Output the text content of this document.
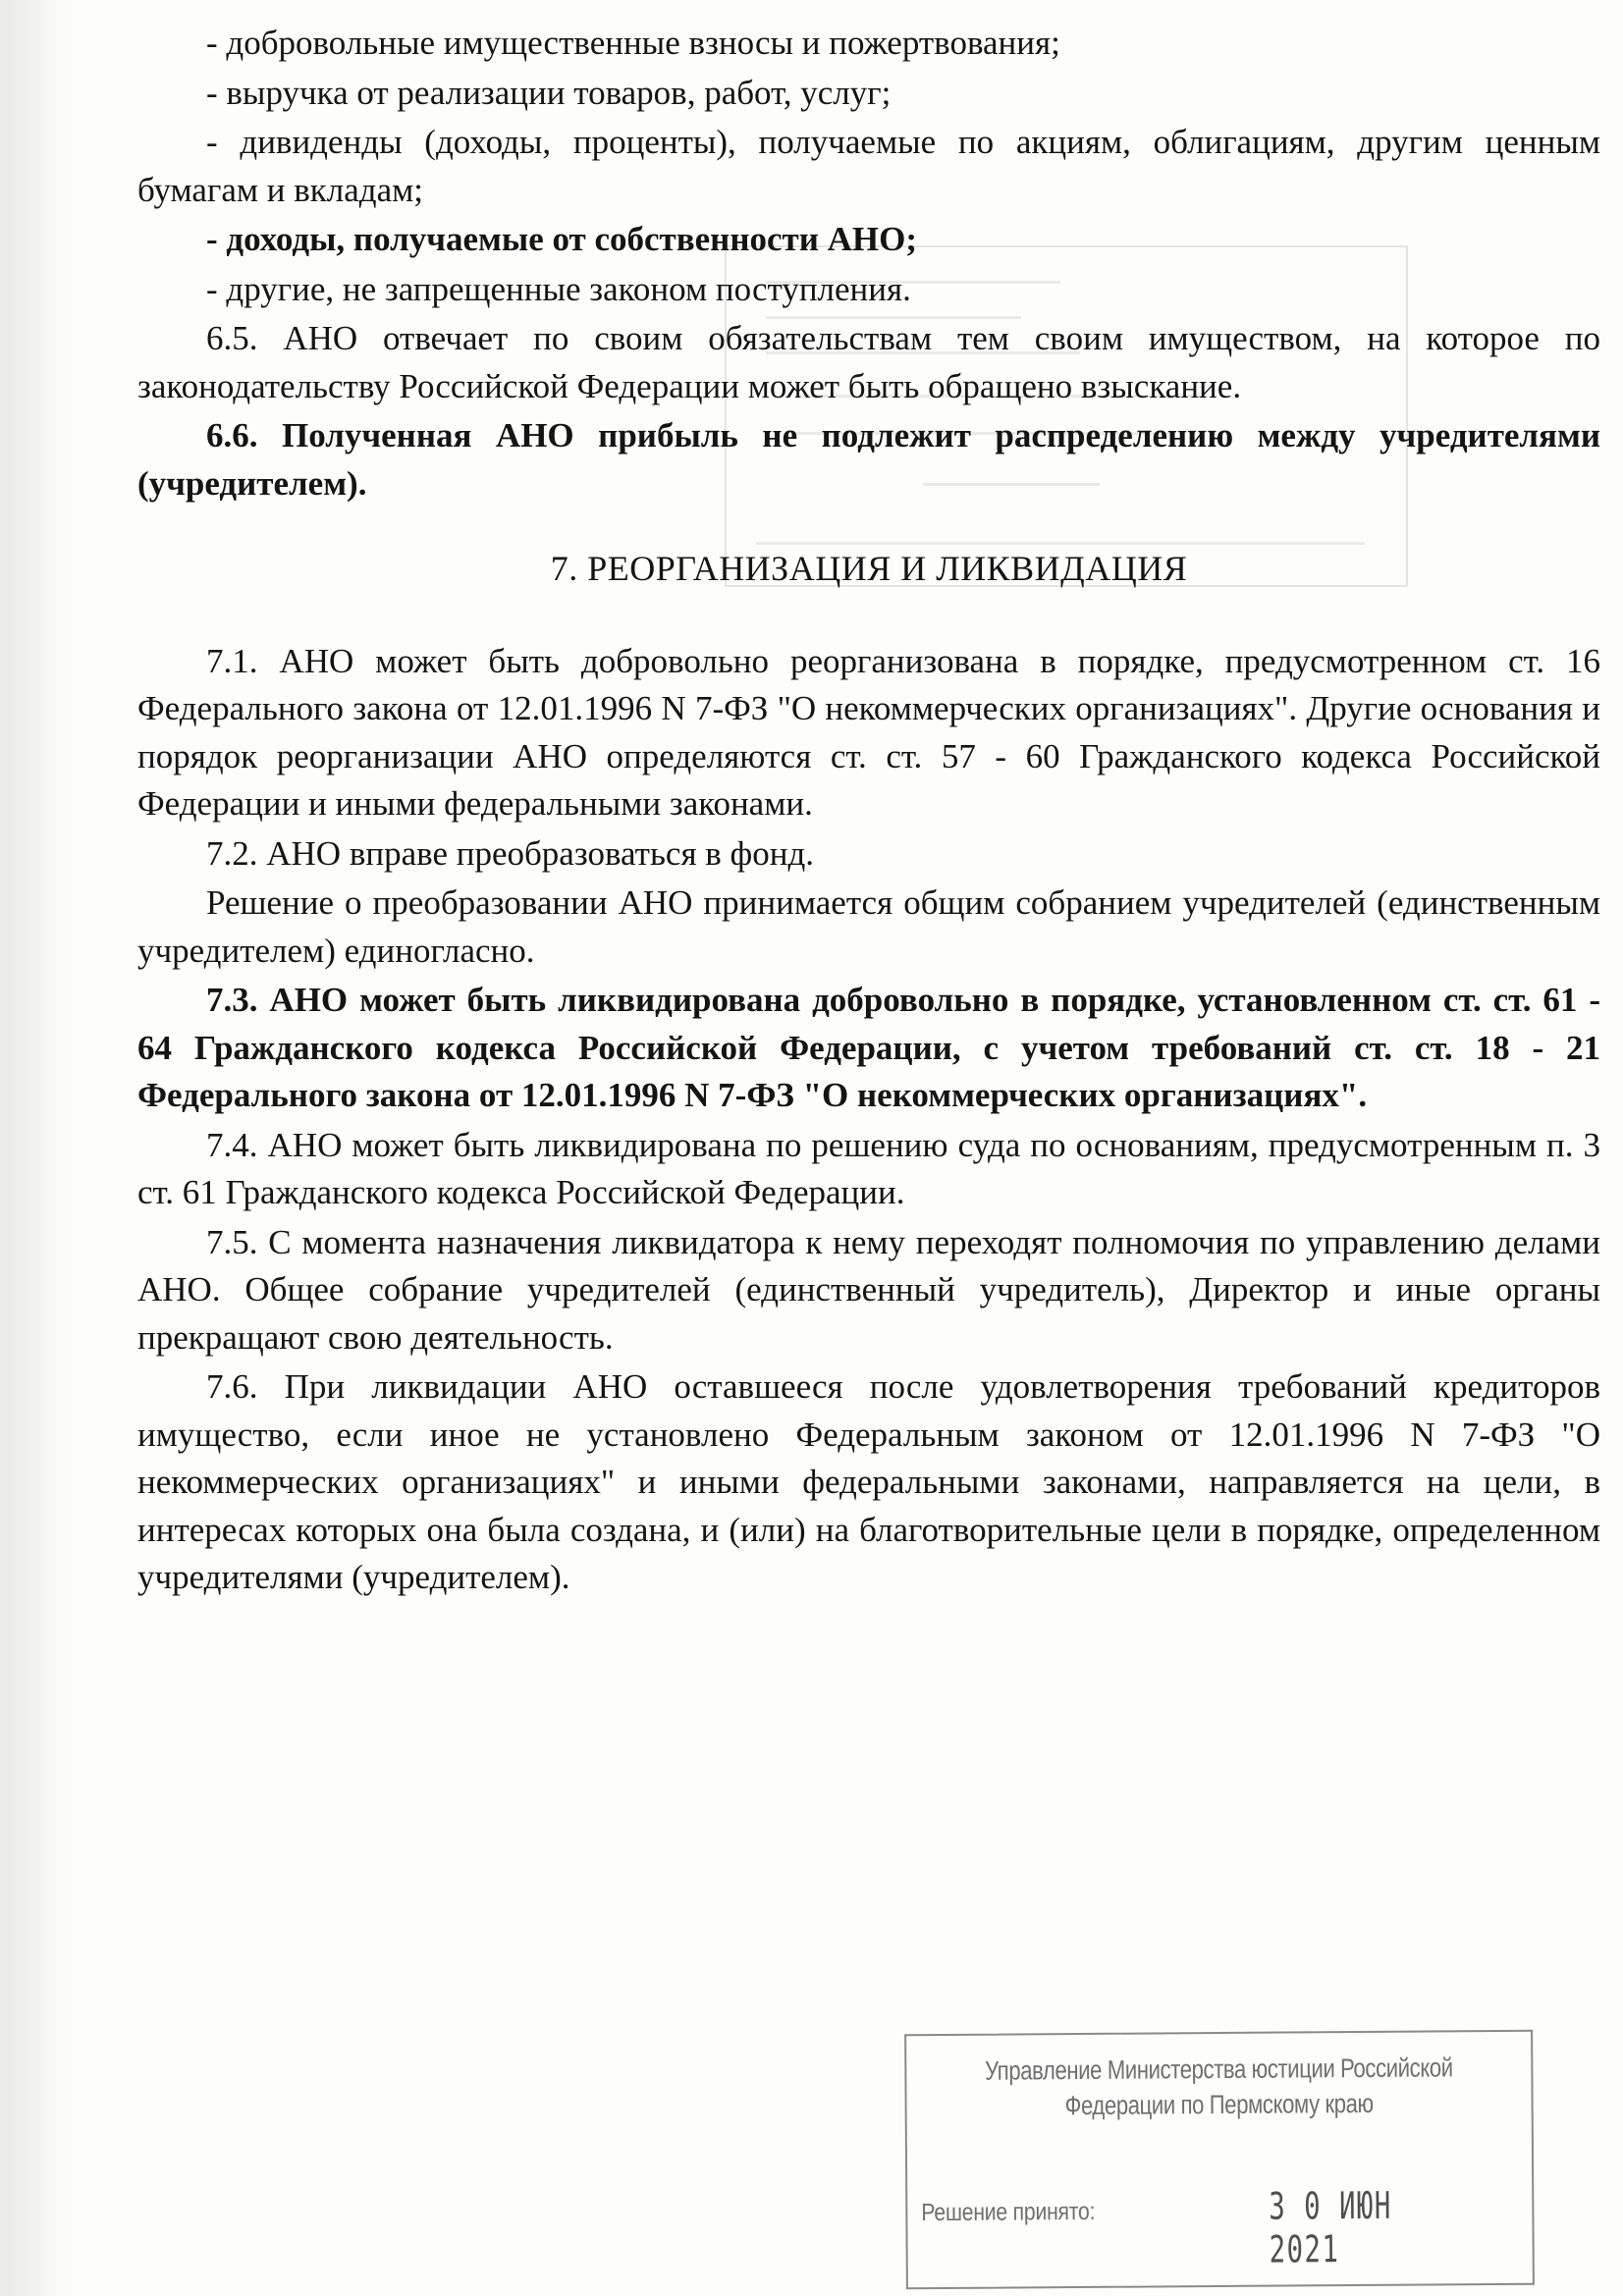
- добровольные имущественные взносы и пожертвования;

- выручка от реализации товаров, работ, услуг;

- дивиденды (доходы, проценты), получаемые по акциям, облигациям, другим ценным бумагам и вкладам;

- доходы, получаемые от собственности АНО;

- другие, не запрещенные законом поступления.

6.5. АНО отвечает по своим обязательствам тем своим имуществом, на которое по законодательству Российской Федерации может быть обращено взыскание.

6.6. Полученная АНО прибыль не подлежит распределению между учредителями (учредителем).

7. РЕОРГАНИЗАЦИЯ И ЛИКВИДАЦИЯ

7.1. АНО может быть добровольно реорганизована в порядке, предусмотренном ст. 16 Федерального закона от 12.01.1996 N 7-ФЗ "О некоммерческих организациях". Другие основания и порядок реорганизации АНО определяются ст. ст. 57 - 60 Гражданского кодекса Российской Федерации и иными федеральными законами.

7.2. АНО вправе преобразоваться в фонд.

Решение о преобразовании АНО принимается общим собранием учредителей (единственным учредителем) единогласно.

7.3. АНО может быть ликвидирована добровольно в порядке, установленном ст. ст. 61 - 64 Гражданского кодекса Российской Федерации, с учетом требований ст. ст. 18 - 21 Федерального закона от 12.01.1996 N 7-ФЗ "О некоммерческих организациях".

7.4. АНО может быть ликвидирована по решению суда по основаниям, предусмотренным п. 3 ст. 61 Гражданского кодекса Российской Федерации.

7.5. С момента назначения ликвидатора к нему переходят полномочия по управлению делами АНО. Общее собрание учредителей (единственный учредитель), Директор и иные органы прекращают свою деятельность.

7.6. При ликвидации АНО оставшееся после удовлетворения требований кредиторов имущество, если иное не установлено Федеральным законом от 12.01.1996 N 7-ФЗ "О некоммерческих организациях" и иными федеральными законами, направляется на цели, в интересах которых она была создана, и (или) на благотворительные цели в порядке, определенном учредителями (учредителем).

Управление Министерства юстиции Российской
Федерации по Пермскому краю
Решение принято:	3 0 ИЮН 2021
